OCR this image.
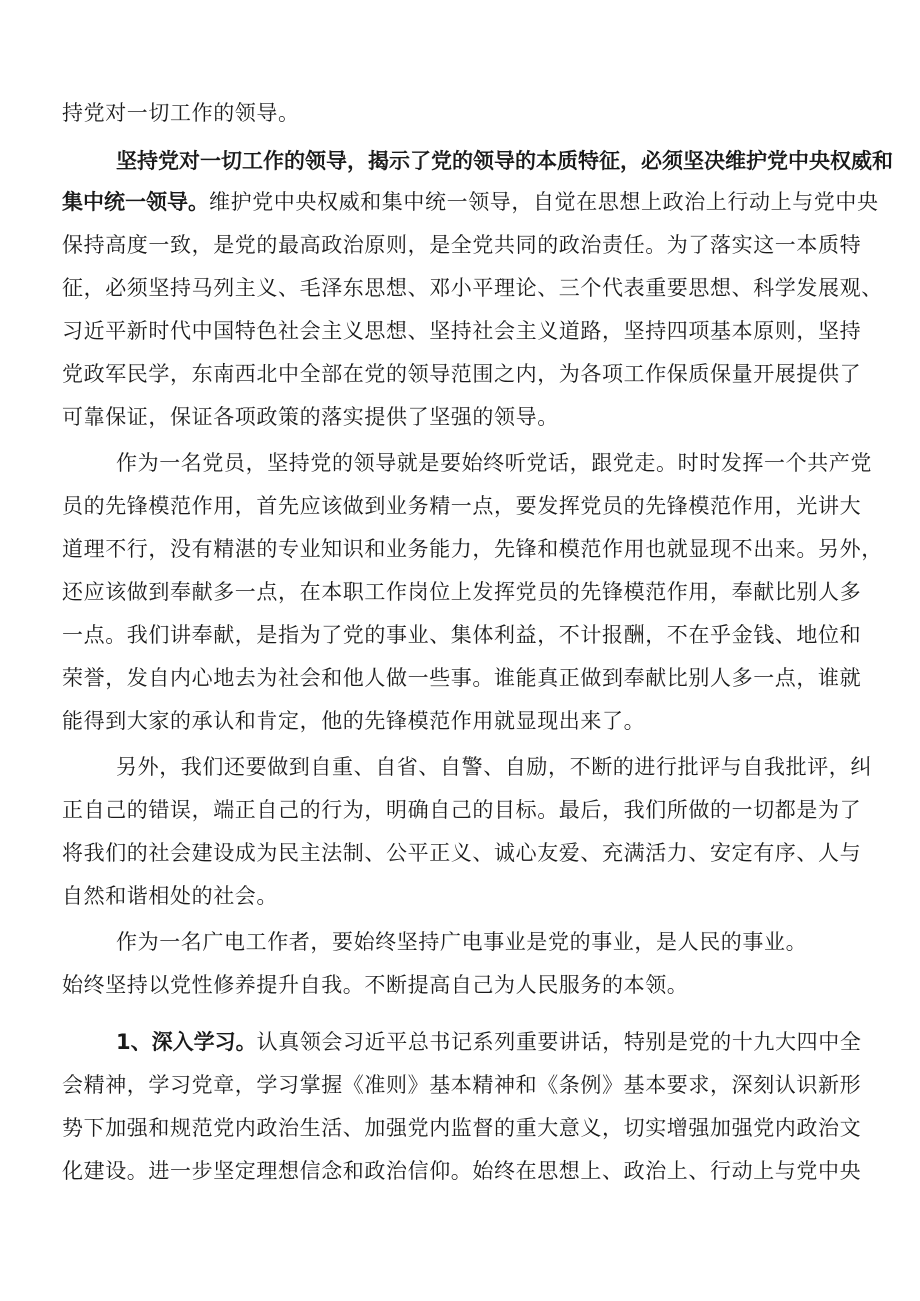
持党对一切工作的领导。
坚持党对一切工作的领导，揭示了党的领导的本质特征，必须坚决维护党中央权威和
集中统一领导。维护党中央权威和集中统一领导，自觉在思想上政治上行动上与党中央
保持高度一致，是党的最高政治原则，是全党共同的政治责任。为了落实这一本质特
征，必须坚持马列主义、毛泽东思想、邓小平理论、三个代表重要思想、科学发展观、
习近平新时代中国特色社会主义思想、坚持社会主义道路，坚持四项基本原则，坚持
党政军民学，东南西北中全部在党的领导范围之内，为各项工作保质保量开展提供了
可靠保证，保证各项政策的落实提供了坚强的领导。
作为一名党员，坚持党的领导就是要始终听党话，跟党走。时时发挥一个共产党
员的先锋模范作用，首先应该做到业务精一点，要发挥党员的先锋模范作用，光讲大
道理不行，没有精湛的专业知识和业务能力，先锋和模范作用也就显现不出来。另外，
还应该做到奉献多一点，在本职工作岗位上发挥党员的先锋模范作用，奉献比别人多
一点。我们讲奉献，是指为了党的事业、集体利益，不计报酬，不在乎金钱、地位和
荣誉，发自内心地去为社会和他人做一些事。谁能真正做到奉献比别人多一点，谁就
能得到大家的承认和肯定，他的先锋模范作用就显现出来了。
另外，我们还要做到自重、自省、自警、自励，不断的进行批评与自我批评，纠
正自己的错误，端正自己的行为，明确自己的目标。最后，我们所做的一切都是为了
将我们的社会建设成为民主法制、公平正义、诚心友爱、充满活力、安定有序、人与
自然和谐相处的社会。
作为一名广电工作者，要始终坚持广电事业是党的事业，是人民的事业。
始终坚持以党性修养提升自我。不断提高自己为人民服务的本领。
1、深入学习。认真领会习近平总书记系列重要讲话，特别是党的十九大四中全
会精神，学习党章，学习掌握《准则》基本精神和《条例》基本要求，深刻认识新形
势下加强和规范党内政治生活、加强党内监督的重大意义，切实增强加强党内政治文
化建设。进一步坚定理想信念和政治信仰。始终在思想上、政治上、行动上与党中央
